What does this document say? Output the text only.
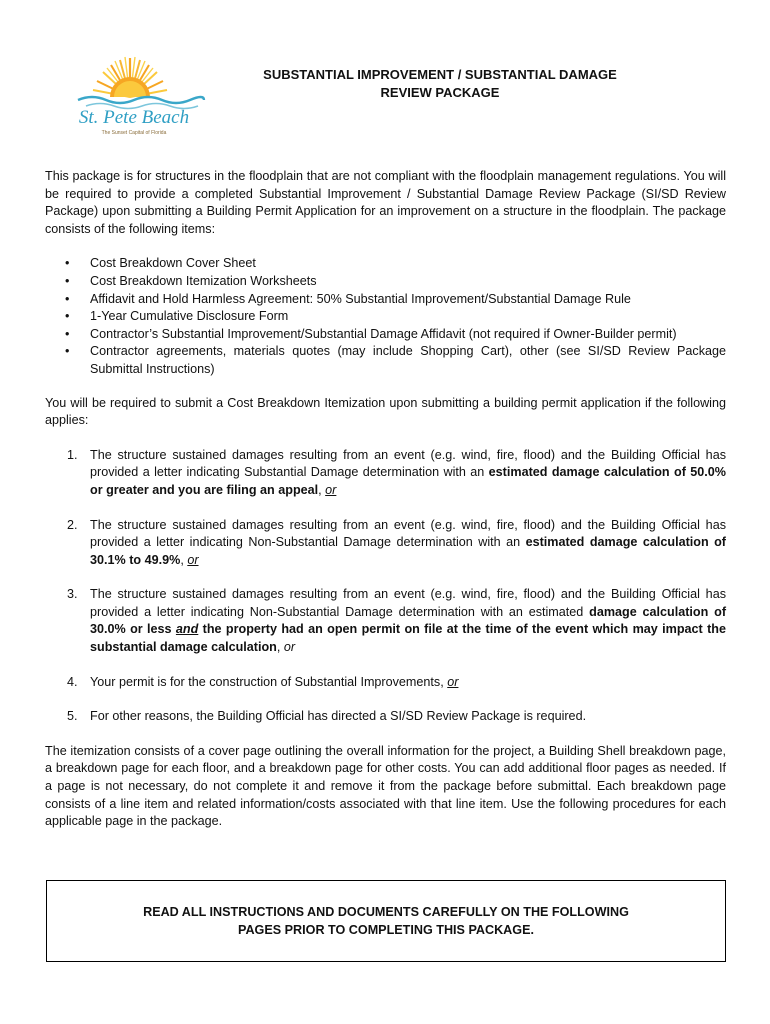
St. Pete Beach
The Sunset Capital of Florida
SUBSTANTIAL IMPROVEMENT / SUBSTANTIAL DAMAGE
REVIEW PACKAGE

This package is for structures in the floodplain that are not compliant with the floodplain management regulations. You will be required to provide a completed Substantial Improvement / Substantial Damage Review Package (SI/SD Review Package) upon submitting a Building Permit Application for an improvement on a structure in the floodplain. The package consists of the following items:

• Cost Breakdown Cover Sheet
• Cost Breakdown Itemization Worksheets
• Affidavit and Hold Harmless Agreement: 50% Substantial Improvement/Substantial Damage Rule
• 1-Year Cumulative Disclosure Form
• Contractor’s Substantial Improvement/Substantial Damage Affidavit (not required if Owner-Builder permit)
• Contractor agreements, materials quotes (may include Shopping Cart), other (see SI/SD Review Package Submittal Instructions)

You will be required to submit a Cost Breakdown Itemization upon submitting a building permit application if the following applies:

1. The structure sustained damages resulting from an event (e.g. wind, fire, flood) and the Building Official has provided a letter indicating Substantial Damage determination with an estimated damage calculation of 50.0% or greater and you are filing an appeal, or
2. The structure sustained damages resulting from an event (e.g. wind, fire, flood) and the Building Official has provided a letter indicating Non-Substantial Damage determination with an estimated damage calculation of 30.1% to 49.9%, or
3. The structure sustained damages resulting from an event (e.g. wind, fire, flood) and the Building Official has provided a letter indicating Non-Substantial Damage determination with an estimated damage calculation of 30.0% or less and the property had an open permit on file at the time of the event which may impact the substantial damage calculation, or
4. Your permit is for the construction of Substantial Improvements, or
5. For other reasons, the Building Official has directed a SI/SD Review Package is required.

The itemization consists of a cover page outlining the overall information for the project, a Building Shell breakdown page, a breakdown page for each floor, and a breakdown page for other costs. You can add additional floor pages as needed. If a page is not necessary, do not complete it and remove it from the package before submittal. Each breakdown page consists of a line item and related information/costs associated with that line item. Use the following procedures for each applicable page in the package.

READ ALL INSTRUCTIONS AND DOCUMENTS CAREFULLY ON THE FOLLOWING
PAGES PRIOR TO COMPLETING THIS PACKAGE.
